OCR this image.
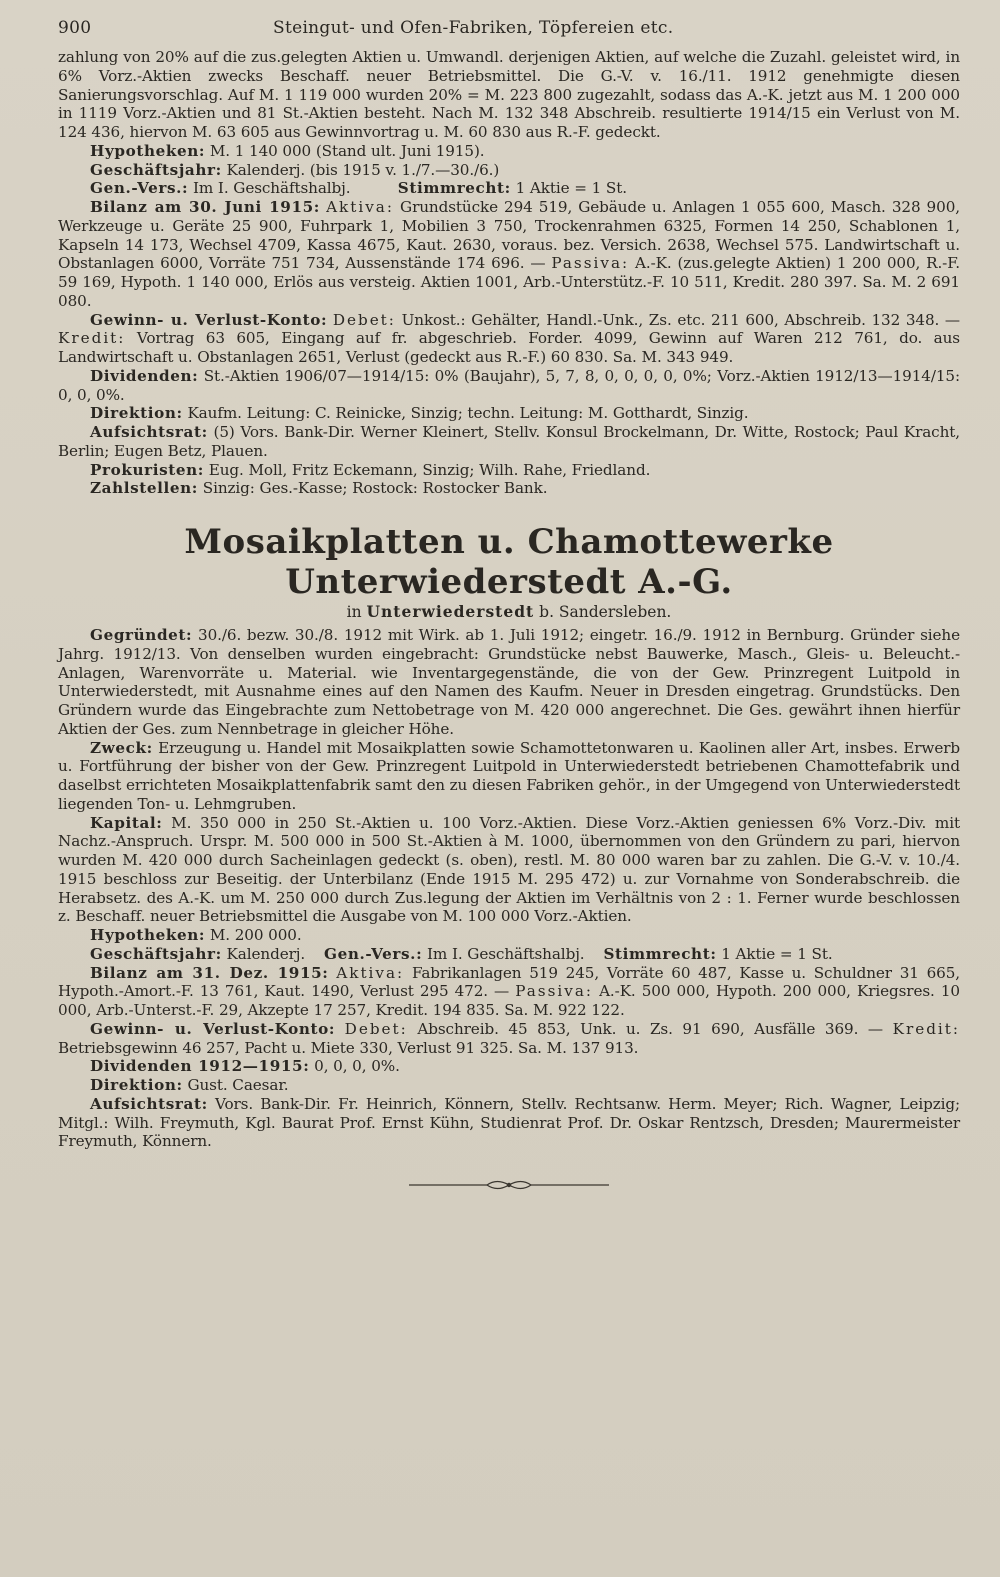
900	Steingut- und Ofen-Fabriken, Töpfereien etc.

zahlung von 20% auf die zus.gelegten Aktien u. Umwandl. derjenigen Aktien, auf welche die Zuzahl. geleistet wird, in 6% Vorz.-Aktien zwecks Beschaff. neuer Betriebsmittel. Die G.-V. v. 16./11. 1912 genehmigte diesen Sanierungsvorschlag. Auf M. 1 119 000 wurden 20% = M. 223 800 zugezahlt, sodass das A.-K. jetzt aus M. 1 200 000 in 1119 Vorz.-Aktien und 81 St.-Aktien besteht. Nach M. 132 348 Abschreib. resultierte 1914/15 ein Verlust von M. 124 436, hiervon M. 63 605 aus Gewinnvortrag u. M. 60 830 aus R.-F. gedeckt.

Hypotheken: M. 1 140 000 (Stand ult. Juni 1915).

Geschäftsjahr: Kalenderj. (bis 1915 v. 1./7.—30./6.)

Gen.-Vers.: Im I. Geschäftshalbj.	Stimmrecht: 1 Aktie = 1 St.

Bilanz am 30. Juni 1915: Aktiva: Grundstücke 294 519, Gebäude u. Anlagen 1 055 600, Masch. 328 900, Werkzeuge u. Geräte 25 900, Fuhrpark 1, Mobilien 3 750, Trockenrahmen 6325, Formen 14 250, Schablonen 1, Kapseln 14 173, Wechsel 4709, Kassa 4675, Kaut. 2630, voraus. bez. Versich. 2638, Wechsel 575. Landwirtschaft u. Obstanlagen 6000, Vorräte 751 734, Aussenstände 174 696. — Passiva: A.-K. (zus.gelegte Aktien) 1 200 000, R.-F. 59 169, Hypoth. 1 140 000, Erlös aus versteig. Aktien 1001, Arb.-Unterstütz.-F. 10 511, Kredit. 280 397. Sa. M. 2 691 080.

Gewinn- u. Verlust-Konto: Debet: Unkost.: Gehälter, Handl.-Unk., Zs. etc. 211 600, Abschreib. 132 348. — Kredit: Vortrag 63 605, Eingang auf fr. abgeschrieb. Forder. 4099, Gewinn auf Waren 212 761, do. aus Landwirtschaft u. Obstanlagen 2651, Verlust (gedeckt aus R.-F.) 60 830. Sa. M. 343 949.

Dividenden: St.-Aktien 1906/07—1914/15: 0% (Baujahr), 5, 7, 8, 0, 0, 0, 0, 0%; Vorz.-Aktien 1912/13—1914/15: 0, 0, 0%.

Direktion: Kaufm. Leitung: C. Reinicke, Sinzig; techn. Leitung: M. Gotthardt, Sinzig.

Aufsichtsrat: (5) Vors. Bank-Dir. Werner Kleinert, Stellv. Konsul Brockelmann, Dr. Witte, Rostock; Paul Kracht, Berlin; Eugen Betz, Plauen.

Prokuristen: Eug. Moll, Fritz Eckemann, Sinzig; Wilh. Rahe, Friedland.

Zahlstellen: Sinzig: Ges.-Kasse; Rostock: Rostocker Bank.

Mosaikplatten u. Chamottewerke Unterwiederstedt A.-G.

in Unterwiederstedt b. Sandersleben.

Gegründet: 30./6. bezw. 30./8. 1912 mit Wirk. ab 1. Juli 1912; eingetr. 16./9. 1912 in Bernburg. Gründer siehe Jahrg. 1912/13. Von denselben wurden eingebracht: Grundstücke nebst Bauwerke, Masch., Gleis- u. Beleucht.-Anlagen, Warenvorräte u. Material. wie Inventargegenstände, die von der Gew. Prinzregent Luitpold in Unterwiederstedt, mit Ausnahme eines auf den Namen des Kaufm. Neuer in Dresden eingetrag. Grundstücks. Den Gründern wurde das Eingebrachte zum Nettobetrage von M. 420 000 angerechnet. Die Ges. gewährt ihnen hierfür Aktien der Ges. zum Nennbetrage in gleicher Höhe.

Zweck: Erzeugung u. Handel mit Mosaikplatten sowie Schamottetonwaren u. Kaolinen aller Art, insbes. Erwerb u. Fortführung der bisher von der Gew. Prinzregent Luitpold in Unterwiederstedt betriebenen Chamottefabrik und daselbst errichteten Mosaikplattenfabrik samt den zu diesen Fabriken gehör., in der Umgegend von Unterwiederstedt liegenden Ton- u. Lehmgruben.

Kapital: M. 350 000 in 250 St.-Aktien u. 100 Vorz.-Aktien. Diese Vorz.-Aktien geniessen 6% Vorz.-Div. mit Nachz.-Anspruch. Urspr. M. 500 000 in 500 St.-Aktien à M. 1000, übernommen von den Gründern zu pari, hiervon wurden M. 420 000 durch Sacheinlagen gedeckt (s. oben), restl. M. 80 000 waren bar zu zahlen. Die G.-V. v. 10./4. 1915 beschloss zur Beseitig. der Unterbilanz (Ende 1915 M. 295 472) u. zur Vornahme von Sonderabschreib. die Herabsetz. des A.-K. um M. 250 000 durch Zus.legung der Aktien im Verhältnis von 2 : 1. Ferner wurde beschlossen z. Beschaff. neuer Betriebsmittel die Ausgabe von M. 100 000 Vorz.-Aktien.

Hypotheken: M. 200 000.

Geschäftsjahr: Kalenderj. Gen.-Vers.: Im I. Geschäftshalbj. Stimmrecht: 1 Aktie = 1 St.

Bilanz am 31. Dez. 1915: Aktiva: Fabrikanlagen 519 245, Vorräte 60 487, Kasse u. Schuldner 31 665, Hypoth.-Amort.-F. 13 761, Kaut. 1490, Verlust 295 472. — Passiva: A.-K. 500 000, Hypoth. 200 000, Kriegsres. 10 000, Arb.-Unterst.-F. 29, Akzepte 17 257, Kredit. 194 835. Sa. M. 922 122.

Gewinn- u. Verlust-Konto: Debet: Abschreib. 45 853, Unk. u. Zs. 91 690, Ausfälle 369. — Kredit: Betriebsgewinn 46 257, Pacht u. Miete 330, Verlust 91 325. Sa. M. 137 913.

Dividenden 1912—1915: 0, 0, 0, 0%.

Direktion: Gust. Caesar.

Aufsichtsrat: Vors. Bank-Dir. Fr. Heinrich, Könnern, Stellv. Rechtsanw. Herm. Meyer; Rich. Wagner, Leipzig; Mitgl.: Wilh. Freymuth, Kgl. Baurat Prof. Ernst Kühn, Studienrat Prof. Dr. Oskar Rentzsch, Dresden; Maurermeister Freymuth, Könnern.
